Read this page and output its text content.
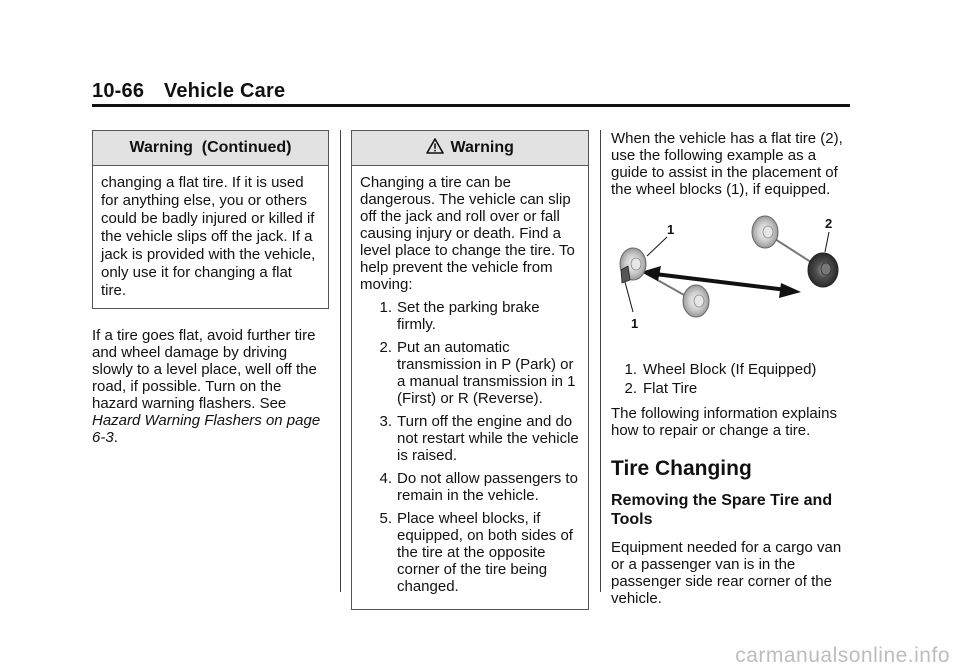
10-66 Vehicle Care
Warning  (Continued)

changing a flat tire. If it is used for anything else, you or others could be badly injured or killed if the vehicle slips off the jack. If a jack is provided with the vehicle, only use it for changing a flat tire.

If a tire goes flat, avoid further tire and wheel damage by driving slowly to a level place, well off the road, if possible. Turn on the hazard warning flashers. See Hazard Warning Flashers on page 6-3.

Warning

Changing a tire can be dangerous. The vehicle can slip off the jack and roll over or fall causing injury or death. Find a level place to change the tire. To help prevent the vehicle from moving:

1. Set the parking brake firmly.
2. Put an automatic transmission in P (Park) or a manual transmission in 1 (First) or R (Reverse).
3. Turn off the engine and do not restart while the vehicle is raised.
4. Do not allow passengers to remain in the vehicle.
5. Place wheel blocks, if equipped, on both sides of the tire at the opposite corner of the tire being changed.

When the vehicle has a flat tire (2), use the following example as a guide to assist in the placement of the wheel blocks (1), if equipped.

1	2
1
1. Wheel Block (If Equipped)
2. Flat Tire

The following information explains how to repair or change a tire.

Tire Changing
Removing the Spare Tire and Tools

Equipment needed for a cargo van or a passenger van is in the passenger side rear corner of the vehicle.

carmanualsonline.info
